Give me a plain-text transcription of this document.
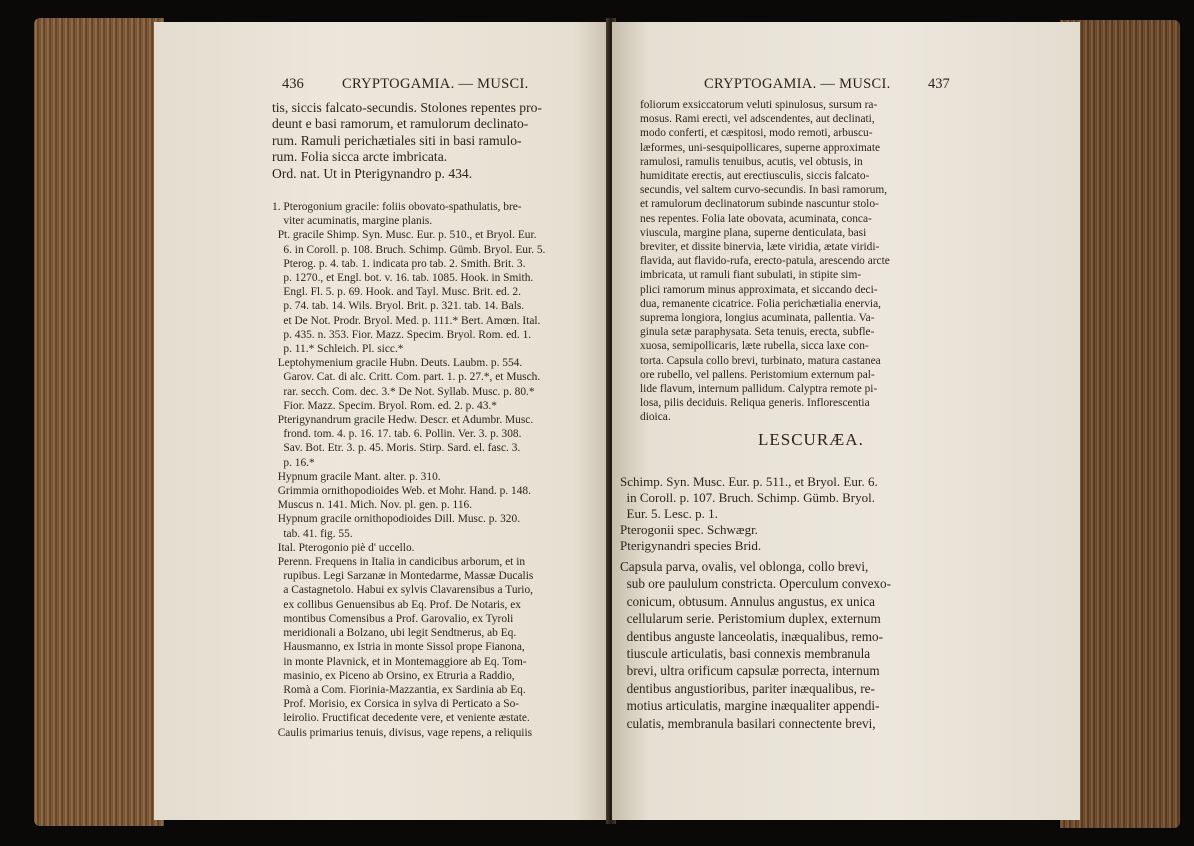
436	CRYPTOGAMIA. — MUSCI.
tis, siccis falcato-secundis. Stolones repentes pro-
deunt e basi ramorum, et ramulorum declinato-
rum. Ramuli perichætiales siti in basi ramulo-
rum. Folia sicca arcte imbricata.
Ord. nat. Ut in Pterigynandro p. 434.
1. Pterogonium gracile: foliis obovato-spathulatis, bre-
viter acuminatis, margine planis.
Pt. gracile Shimp. Syn. Musc. Eur. p. 510., et Bryol. Eur.
6. in Coroll. p. 108. Bruch. Schimp. Gümb. Bryol. Eur. 5.
Pterog. p. 4. tab. 1. indicata pro tab. 2. Smith. Brit. 3.
p. 1270., et Engl. bot. v. 16. tab. 1085. Hook. in Smith.
Engl. Fl. 5. p. 69. Hook. and Tayl. Musc. Brit. ed. 2.
p. 74. tab. 14. Wils. Bryol. Brit. p. 321. tab. 14. Bals.
et De Not. Prodr. Bryol. Med. p. 111.* Bert. Amœn. Ital.
p. 435. n. 353. Fior. Mazz. Specim. Bryol. Rom. ed. 1.
p. 11.* Schleich. Pl. sicc.*
Leptohymenium gracile Hubn. Deuts. Laubm. p. 554.
Garov. Cat. di alc. Critt. Com. part. 1. p. 27.*, et Musch.
rar. secch. Com. dec. 3.* De Not. Syllab. Musc. p. 80.*
Fior. Mazz. Specim. Bryol. Rom. ed. 2. p. 43.*
Pterigynandrum gracile Hedw. Descr. et Adumbr. Musc.
frond. tom. 4. p. 16. 17. tab. 6. Pollin. Ver. 3. p. 308.
Sav. Bot. Etr. 3. p. 45. Moris. Stirp. Sard. el. fasc. 3.
p. 16.*
Hypnum gracile Mant. alter. p. 310.
Grimmia ornithopodioides Web. et Mohr. Hand. p. 148.
Muscus n. 141. Mich. Nov. pl. gen. p. 116.
Hypnum gracile ornithopodioides Dill. Musc. p. 320.
tab. 41. fig. 55.
Ital. Pterogonio piè d' uccello.
Perenn. Frequens in Italia in candicibus arborum, et in
rupibus. Legi Sarzanæ in Montedarme, Massæ Ducalis
a Castagnetolo. Habui ex sylvis Clavarensibus a Turio,
ex collibus Genuensibus ab Eq. Prof. De Notaris, ex
montibus Comensibus a Prof. Garovalio, ex Tyroli
meridionali a Bolzano, ubi legit Sendtnerus, ab Eq.
Hausmanno, ex Istria in monte Sissol prope Fianona,
in monte Plavnick, et in Montemaggiore ab Eq. Tom-
masinio, ex Piceno ab Orsino, ex Etruria a Raddio,
Romà a Com. Fiorinia-Mazzantia, ex Sardinia ab Eq.
Prof. Morisio, ex Corsica in sylva di Perticato a So-
leirolio. Fructificat decedente vere, et veniente æstate.
Caulis primarius tenuis, divisus, vage repens, a reliquiis
CRYPTOGAMIA. — MUSCI.	437
foliorum exsiccatorum veluti spinulosus, sursum ra-
mosus. Rami erecti, vel adscendentes, aut declinati,
modo conferti, et cæspitosi, modo remoti, arbuscu-
læformes, uni-sesquipollicares, superne approximate
ramulosi, ramulis tenuibus, acutis, vel obtusis, in
humiditate erectis, aut erectiusculis, siccis falcato-
secundis, vel saltem curvo-secundis. In basi ramorum,
et ramulorum declinatorum subinde nascuntur stolo-
nes repentes. Folia late obovata, acuminata, conca-
viuscula, margine plana, superne denticulata, basi
breviter, et dissite binervia, læte viridia, ætate viridi-
flavida, aut flavido-rufa, erecto-patula, arescendo arcte
imbricata, ut ramuli fiant subulati, in stipite sim-
plici ramorum minus approximata, et siccando deci-
dua, remanente cicatrice. Folia perichætialia enervia,
suprema longiora, longius acuminata, pallentia. Va-
ginula setæ paraphysata. Seta tenuis, erecta, subfle-
xuosa, semipollicaris, læte rubella, sicca laxe con-
torta. Capsula collo brevi, turbinato, matura castanea
ore rubello, vel pallens. Peristomium externum pal-
lide flavum, internum pallidum. Calyptra remote pi-
losa, pilis deciduis. Reliqua generis. Inflorescentia
dioica.
LESCURÆA.
Schimp. Syn. Musc. Eur. p. 511., et Bryol. Eur. 6.
in Coroll. p. 107. Bruch. Schimp. Gümb. Bryol.
Eur. 5. Lesc. p. 1.
Pterogonii spec. Schwægr.
Pterigynandri species Brid.
Capsula parva, ovalis, vel oblonga, collo brevi,
sub ore paululum constricta. Operculum convexo-
conicum, obtusum. Annulus angustus, ex unica
cellularum serie. Peristomium duplex, externum
dentibus anguste lanceolatis, inæqualibus, remo-
tiuscule articulatis, basi connexis membranula
brevi, ultra orificum capsulæ porrecta, internum
dentibus angustioribus, pariter inæqualibus, re-
motius articulatis, margine inæqualiter appendi-
culatis, membranula basilari connectente brevi,
